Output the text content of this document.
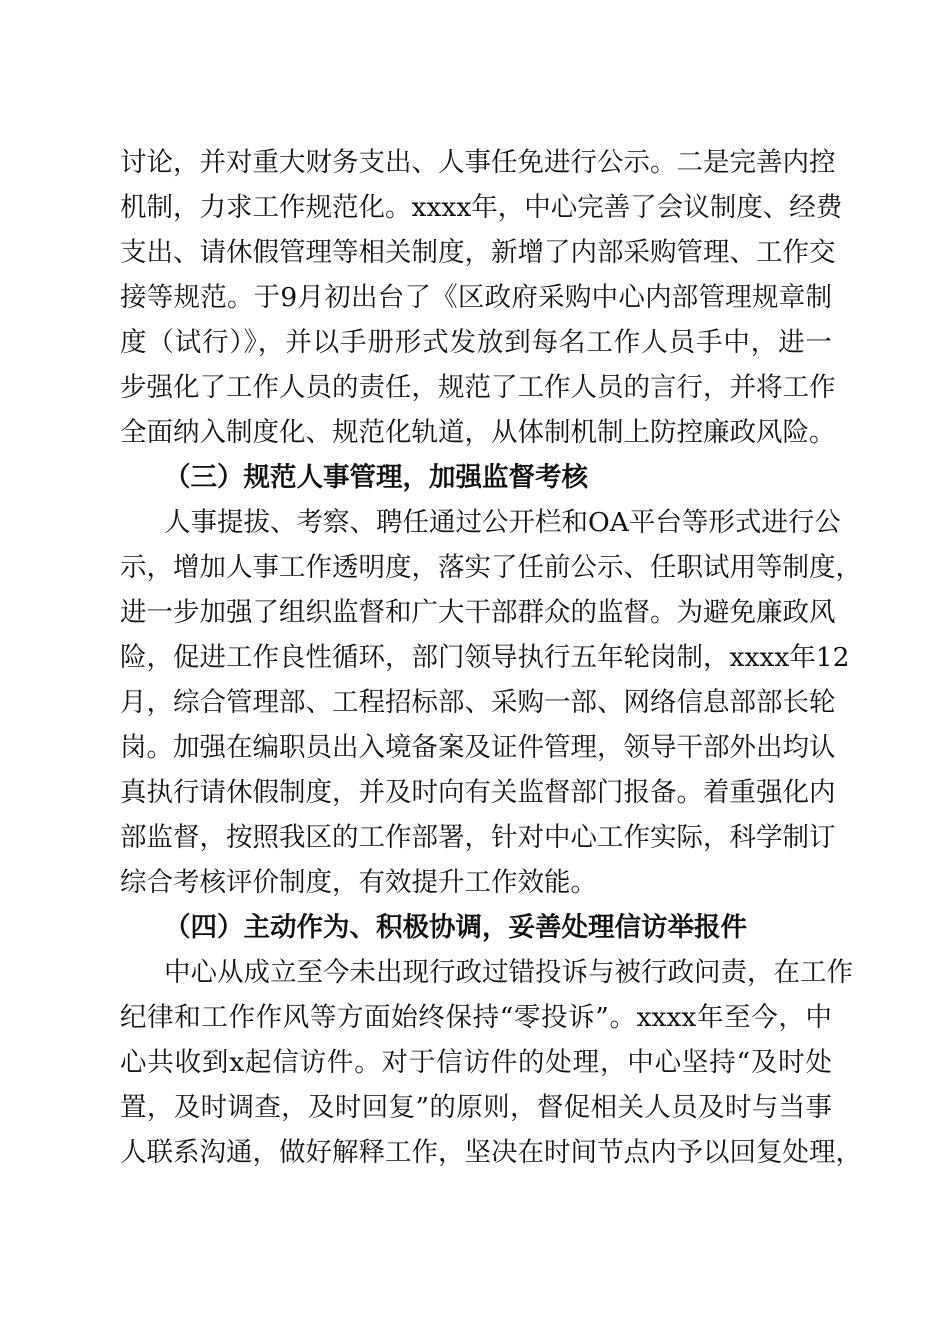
讨论，并对重大财务支出、人事任免进行公示。二是完善内控
机制，力求工作规范化。xxxx年，中心完善了会议制度、经费
支出、请休假管理等相关制度，新增了内部采购管理、工作交
接等规范。于9月初出台了《区政府采购中心内部管理规章制
度（试行）》，并以手册形式发放到每名工作人员手中，进一
步强化了工作人员的责任，规范了工作人员的言行，并将工作
全面纳入制度化、规范化轨道，从体制机制上防控廉政风险。
（三）规范人事管理，加强监督考核
人事提拔、考察、聘任通过公开栏和OA平台等形式进行公
示，增加人事工作透明度，落实了任前公示、任职试用等制度，
进一步加强了组织监督和广大干部群众的监督。为避免廉政风
险，促进工作良性循环，部门领导执行五年轮岗制，xxxx年12
月，综合管理部、工程招标部、采购一部、网络信息部部长轮
岗。加强在编职员出入境备案及证件管理，领导干部外出均认
真执行请休假制度，并及时向有关监督部门报备。着重强化内
部监督，按照我区的工作部署，针对中心工作实际，科学制订
综合考核评价制度，有效提升工作效能。
（四）主动作为、积极协调，妥善处理信访举报件
中心从成立至今未出现行政过错投诉与被行政问责，在工作
纪律和工作作风等方面始终保持“零投诉”。xxxx年至今，中
心共收到x起信访件。对于信访件的处理，中心坚持“及时处
置，及时调查，及时回复”的原则，督促相关人员及时与当事
人联系沟通，做好解释工作，坚决在时间节点内予以回复处理，
